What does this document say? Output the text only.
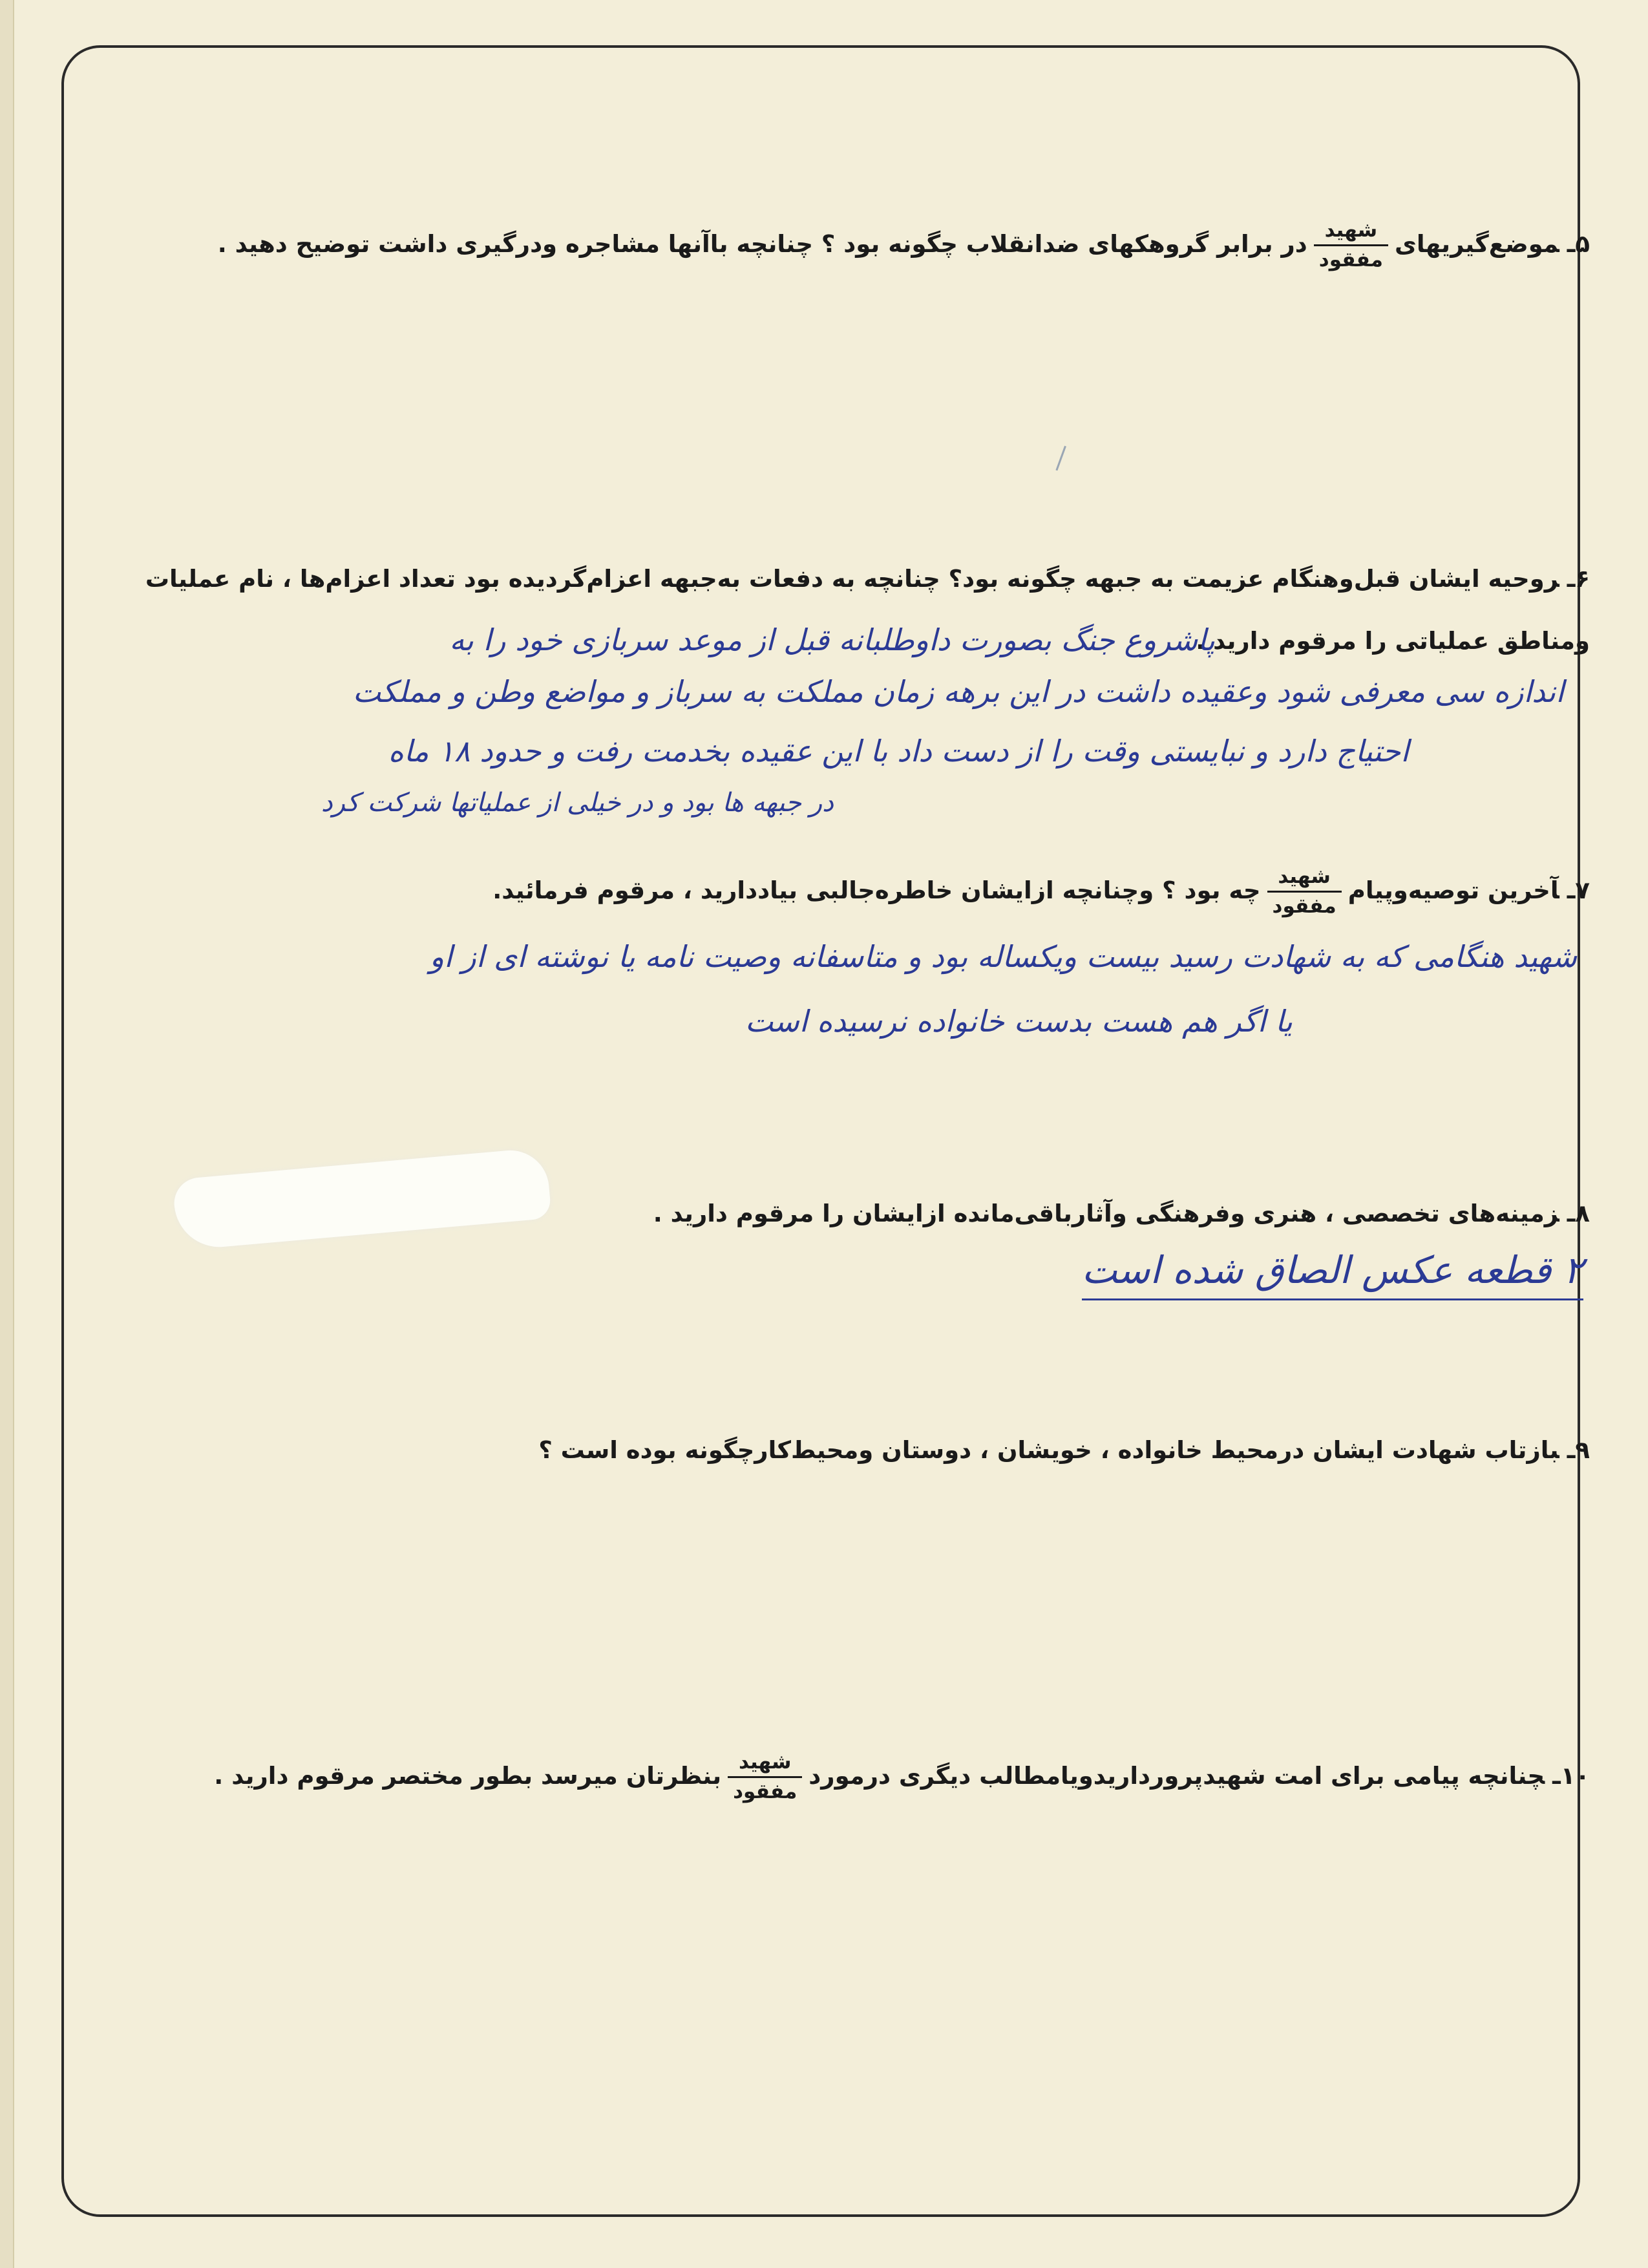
۵ـموضع‌گیریهای
$\frac{\text{شهید}}{\text{مفقود}}$
در برابر گروهکهای ضدانقلاب چگونه بود ؟ چنانچه باآنها مشاجره ودرگیری داشت توضیح دهید .
۶ـروحیه ایشان قبل‌وهنگام عزیمت به جبهه چگونه بود؟ چنانچه به دفعات به‌جبهه اعزام‌گردیده بود تعداد اعزام‌ها ، نام عملیات ومناطق عملیاتی را مرقوم دارید .
پاشروع جنگ بصورت داوطلبانه قبل از موعد سربازی خود را به
اندازه سی معرفی شود وعقیده داشت در این برهه زمان مملکت به سرباز و مواضع وطن و مملکت
احتیاج دارد و نبایستی وقت را از دست داد با این عقیده بخدمت رفت و حدود ۱۸ ماه
در جبهه ها بود و در خیلی از عملیاتها شرکت کرد
۷ـآخرین توصیه‌وپیام
$\frac{\text{شهید}}{\text{مفقود}}$
چه بود ؟ وچنانچه ازایشان خاطره‌جالبی بیاددارید ، مرقوم فرمائید.
شهید هنگامی که به شهادت رسید بیست ویکساله بود و متاسفانه وصیت نامه یا نوشته ای از او
یا اگر هم هست بدست خانواده نرسیده است
۸ـزمینه‌های تخصصی ، هنری وفرهنگی وآثارباقی‌مانده ازایشان را مرقوم دارید .
۲ قطعه عکس الصاق شده است
۹ـبازتاب شهادت ایشان درمحیط خانواده ، خویشان ، دوستان ومحیط‌کارچگونه بوده است ؟
۱۰ـچنانچه پیامی برای امت شهیدپرورداریدویامطالب دیگری درمورد
$\frac{\text{شهید}}{\text{مفقود}}$
بنظرتان میرسد بطور مختصر مرقوم دارید .
